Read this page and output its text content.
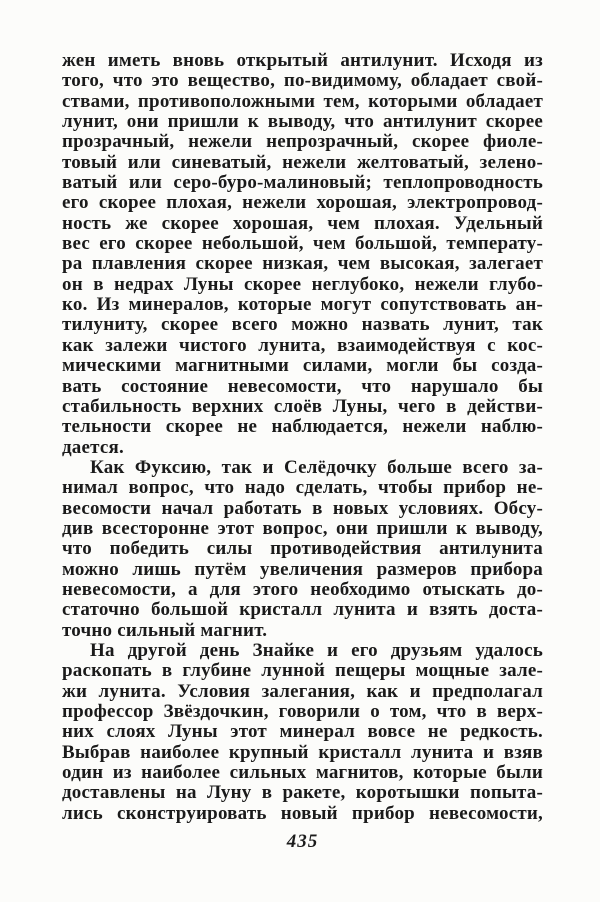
жен иметь вновь открытый антилунит. Исходя из
того, что это вещество, по-видимому, обладает свой-
ствами, противоположными тем, которыми обладает
лунит, они пришли к выводу, что антилунит скорее
прозрачный, нежели непрозрачный, скорее фиоле-
товый или синеватый, нежели желтоватый, зелено-
ватый или серо-буро-малиновый; теплопроводность
его скорее плохая, нежели хорошая, электропровод-
ность же скорее хорошая, чем плохая. Удельный
вес его скорее небольшой, чем большой, температу-
ра плавления скорее низкая, чем высокая, залегает
он в недрах Луны скорее неглубоко, нежели глубо-
ко. Из минералов, которые могут сопутствовать ан-
тилуниту, скорее всего можно назвать лунит, так
как залежи чистого лунита, взаимодействуя с кос-
мическими магнитными силами, могли бы созда-
вать состояние невесомости, что нарушало бы
стабильность верхних слоёв Луны, чего в действи-
тельности скорее не наблюдается, нежели наблю-
дается.
Как Фуксию, так и Селёдочку больше всего за-
нимал вопрос, что надо сделать, чтобы прибор не-
весомости начал работать в новых условиях. Обсу-
див всесторонне этот вопрос, они пришли к выводу,
что победить силы противодействия антилунита
можно лишь путём увеличения размеров прибора
невесомости, а для этого необходимо отыскать до-
статочно большой кристалл лунита и взять доста-
точно сильный магнит.
На другой день Знайке и его друзьям удалось
раскопать в глубине лунной пещеры мощные зале-
жи лунита. Условия залегания, как и предполагал
профессор Звёздочкин, говорили о том, что в верх-
них слоях Луны этот минерал вовсе не редкость.
Выбрав наиболее крупный кристалл лунита и взяв
один из наиболее сильных магнитов, которые были
доставлены на Луну в ракете, коротышки попыта-
лись сконструировать новый прибор невесомости,
435
